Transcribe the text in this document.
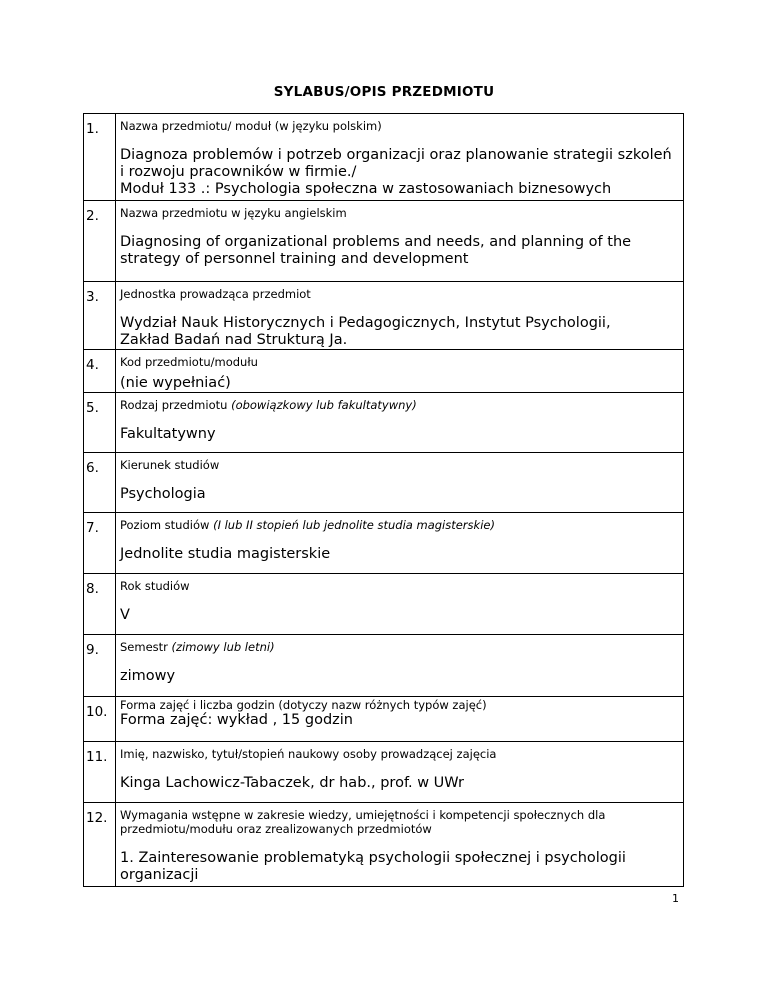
SYLABUS/OPIS PRZEDMIOTU
1.	Nazwa przedmiotu/ moduł (w języku polskim)
Diagnoza problemów i potrzeb organizacji oraz planowanie strategii szkoleń
i rozwoju pracowników w firmie./
Moduł 133 .: Psychologia społeczna w zastosowaniach biznesowych

2.	Nazwa przedmiotu w języku angielskim
Diagnosing of organizational problems and needs, and planning of the
strategy of personnel training and development

3.	Jednostka prowadząca przedmiot
Wydział Nauk Historycznych i Pedagogicznych, Instytut Psychologii,
Zakład Badań nad Strukturą Ja.

4.	Kod przedmiotu/modułu
(nie wypełniać)

5.	Rodzaj przedmiotu (obowiązkowy lub fakultatywny)
Fakultatywny

6.	Kierunek studiów
Psychologia

7.	Poziom studiów (I lub II stopień lub jednolite studia magisterskie)
Jednolite studia magisterskie

8.	Rok studiów
V

9.	Semestr (zimowy lub letni)
zimowy

10.	Forma zajęć i liczba godzin (dotyczy nazw różnych typów zajęć)
Forma zajęć: wykład , 15 godzin

11.	Imię, nazwisko, tytuł/stopień naukowy osoby prowadzącej zajęcia
Kinga Lachowicz-Tabaczek, dr hab., prof. w UWr

12.	Wymagania wstępne w zakresie wiedzy, umiejętności i kompetencji społecznych dla przedmiotu/modułu oraz zrealizowanych przedmiotów
1. Zainteresowanie problematyką psychologii społecznej i psychologii
organizacji
1
